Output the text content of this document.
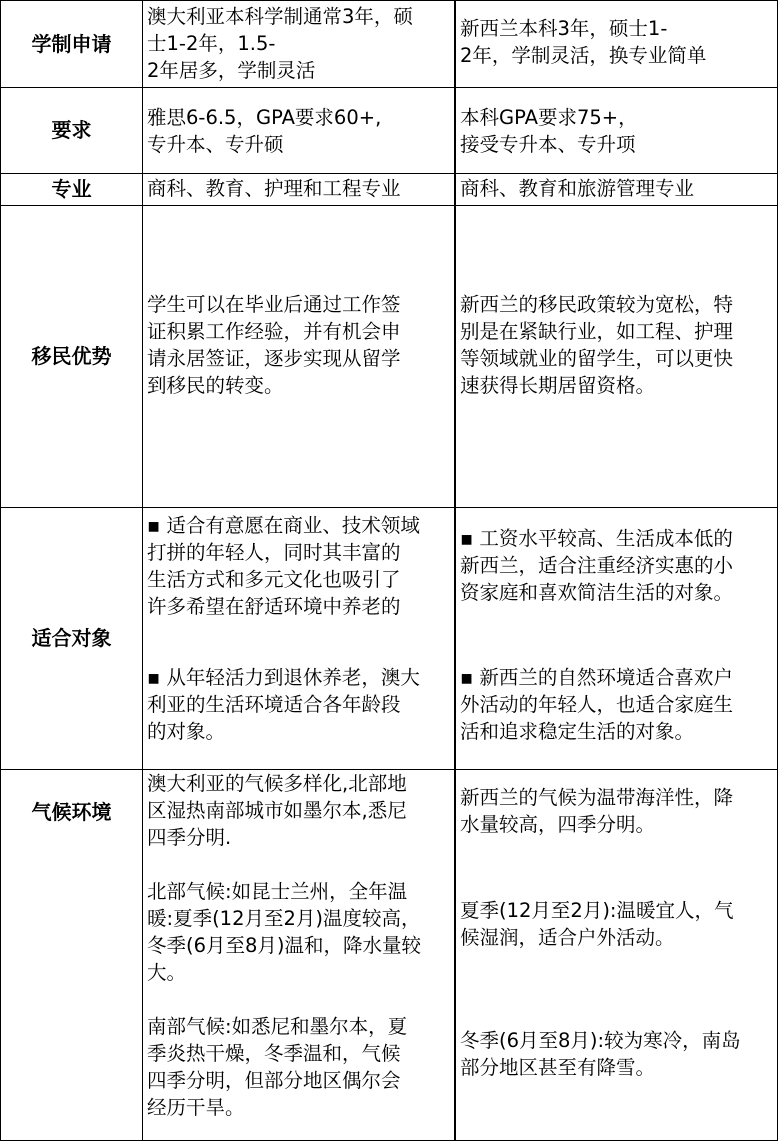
学制申请
澳大利亚本科学制通常3年，硕
士1-2年，1.5-
2年居多，学制灵活
新西兰本科3年，硕士1-
2年，学制灵活，换专业简单
要求
雅思6-6.5，GPA要求60+,
专升本、专升硕
本科GPA要求75+，
接受专升本、专升项
专业	商科、教育、护理和工程专业	商科、教育和旅游管理专业
移民优势
学生可以在毕业后通过工作签
证积累工作经验，并有机会申
请永居签证，逐步实现从留学
到移民的转变。
新西兰的移民政策较为宽松，特
别是在紧缺行业，如工程、护理
等领域就业的留学生，可以更快
速获得长期居留资格。
适合对象
▪ 适合有意愿在商业、技术领域
打拼的年轻人，同时其丰富的
生活方式和多元文化也吸引了
许多希望在舒适环境中养老的
▪ 从年轻活力到退休养老，澳大
利亚的生活环境适合各年龄段
的对象。
▪ 工资水平较高、生活成本低的
新西兰，适合注重经济实惠的小
资家庭和喜欢简洁生活的对象。
▪ 新西兰的自然环境适合喜欢户
外活动的年轻人，也适合家庭生
活和追求稳定生活的对象。
气候环境
澳大利亚的气候多样化,北部地
区湿热南部城市如墨尔本,悉尼
四季分明.
北部气候:如昆士兰州，全年温
暖:夏季(12月至2月)温度较高，
冬季(6月至8月)温和，降水量较
大。
南部气候:如悉尼和墨尔本，夏
季炎热干燥，冬季温和，气候
四季分明，但部分地区偶尔会
经历干旱。
新西兰的气候为温带海洋性，降
水量较高，四季分明。
夏季(12月至2月):温暖宜人，气
候湿润，适合户外活动。
冬季(6月至8月):较为寒冷，南岛
部分地区甚至有降雪。
